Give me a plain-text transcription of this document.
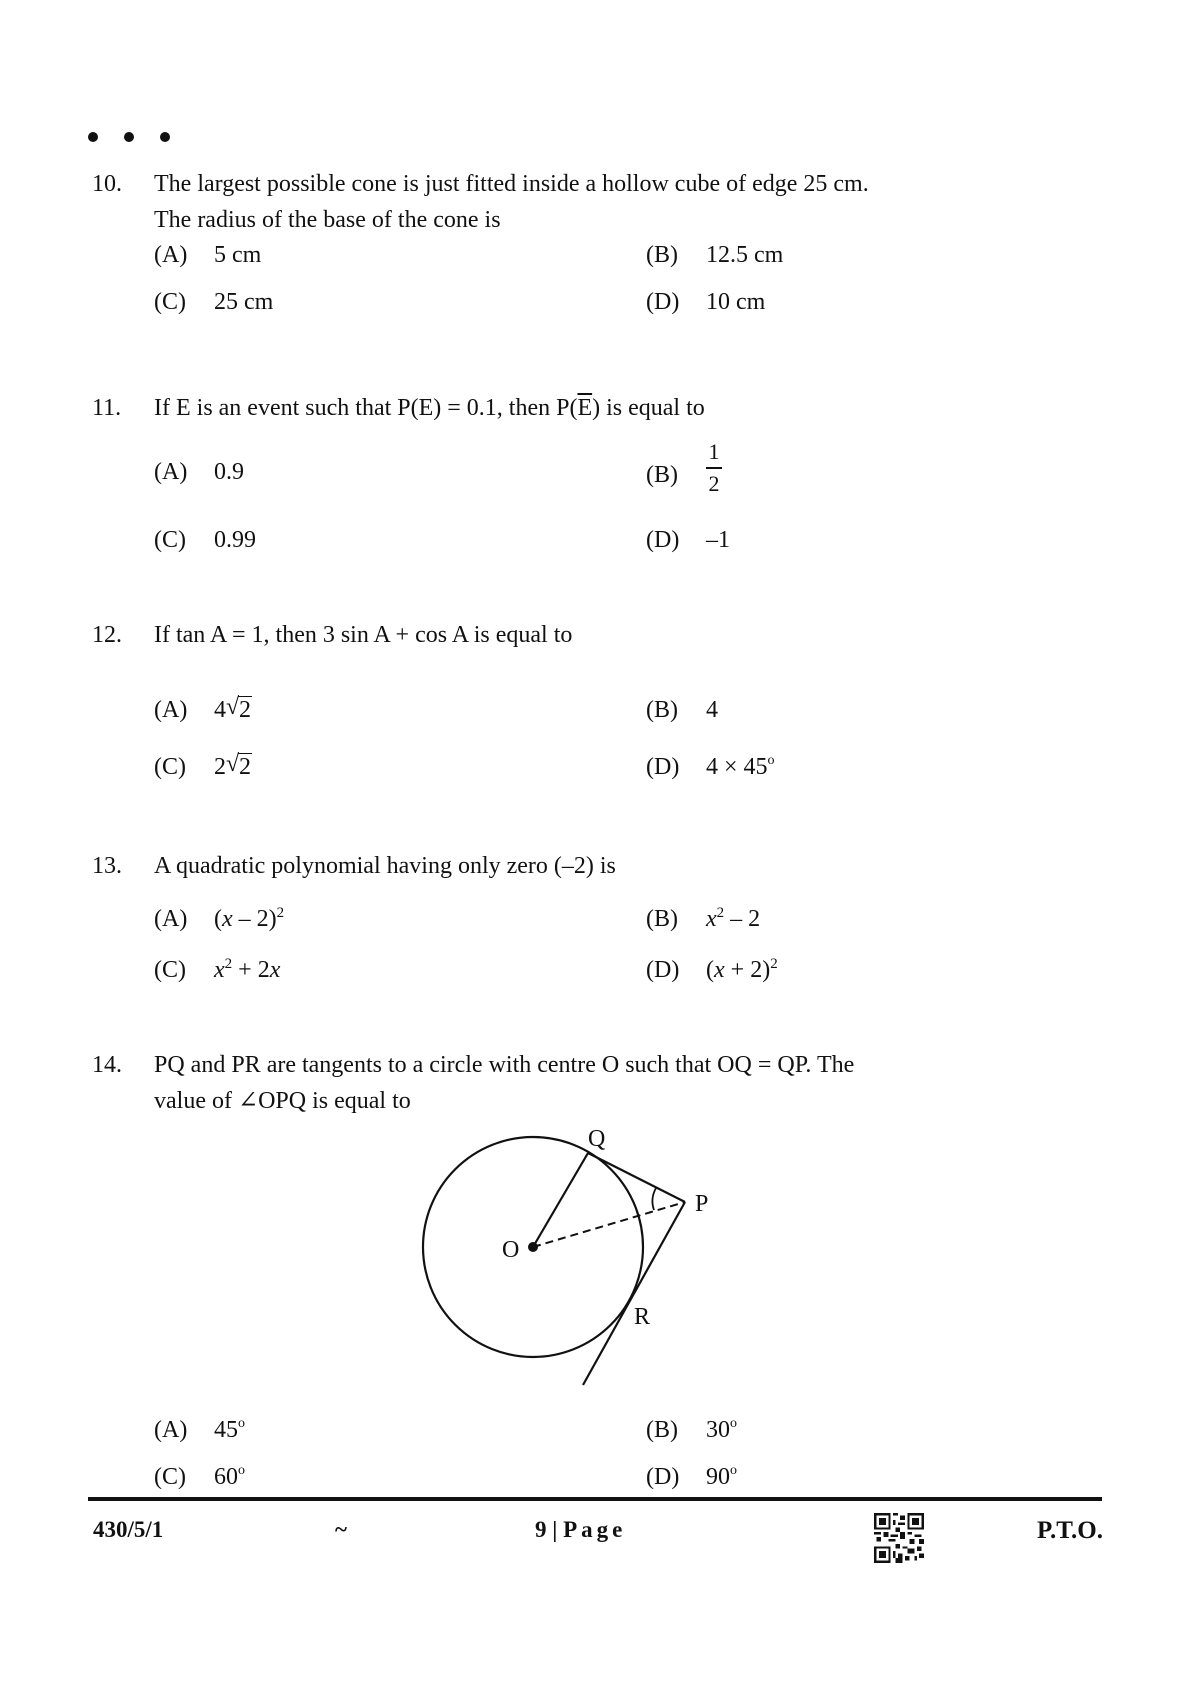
10. The largest possible cone is just fitted inside a hollow cube of edge 25 cm.
The radius of the base of the cone is
(A) 5 cm	(B) 12.5 cm
(C) 25 cm	(D) 10 cm
11. If E is an event such that P(E) = 0.1, then $P(\overline{E})$ is equal to
(A) 0.9	$(B) \frac{1}{2}$
(C) 0.99	(D) –1
12. If tan A = 1, then 3 sin A + cos A is equal to
(A) 4 √ 2	(B) 4
(C) 2 √ 2	(D) $4 \times 45^o$
13. A quadratic polynomial having only zero (–2) is
(A) (x – 2)$^2$	(B) $x^2 - 2$
(C) $x^2 + 2x$	(D) $(x + 2)^2$
14. PQ and PR are tangents to a circle with centre O such that OQ = QP. The
value of ∠OPQ is equal to
O
Q
P
R
(A) 45$^o$	(B) 30$^o$
(C) 60$^o$	(D) 90$^o$
430/5/1	~	9 | Page	P.T.O.
